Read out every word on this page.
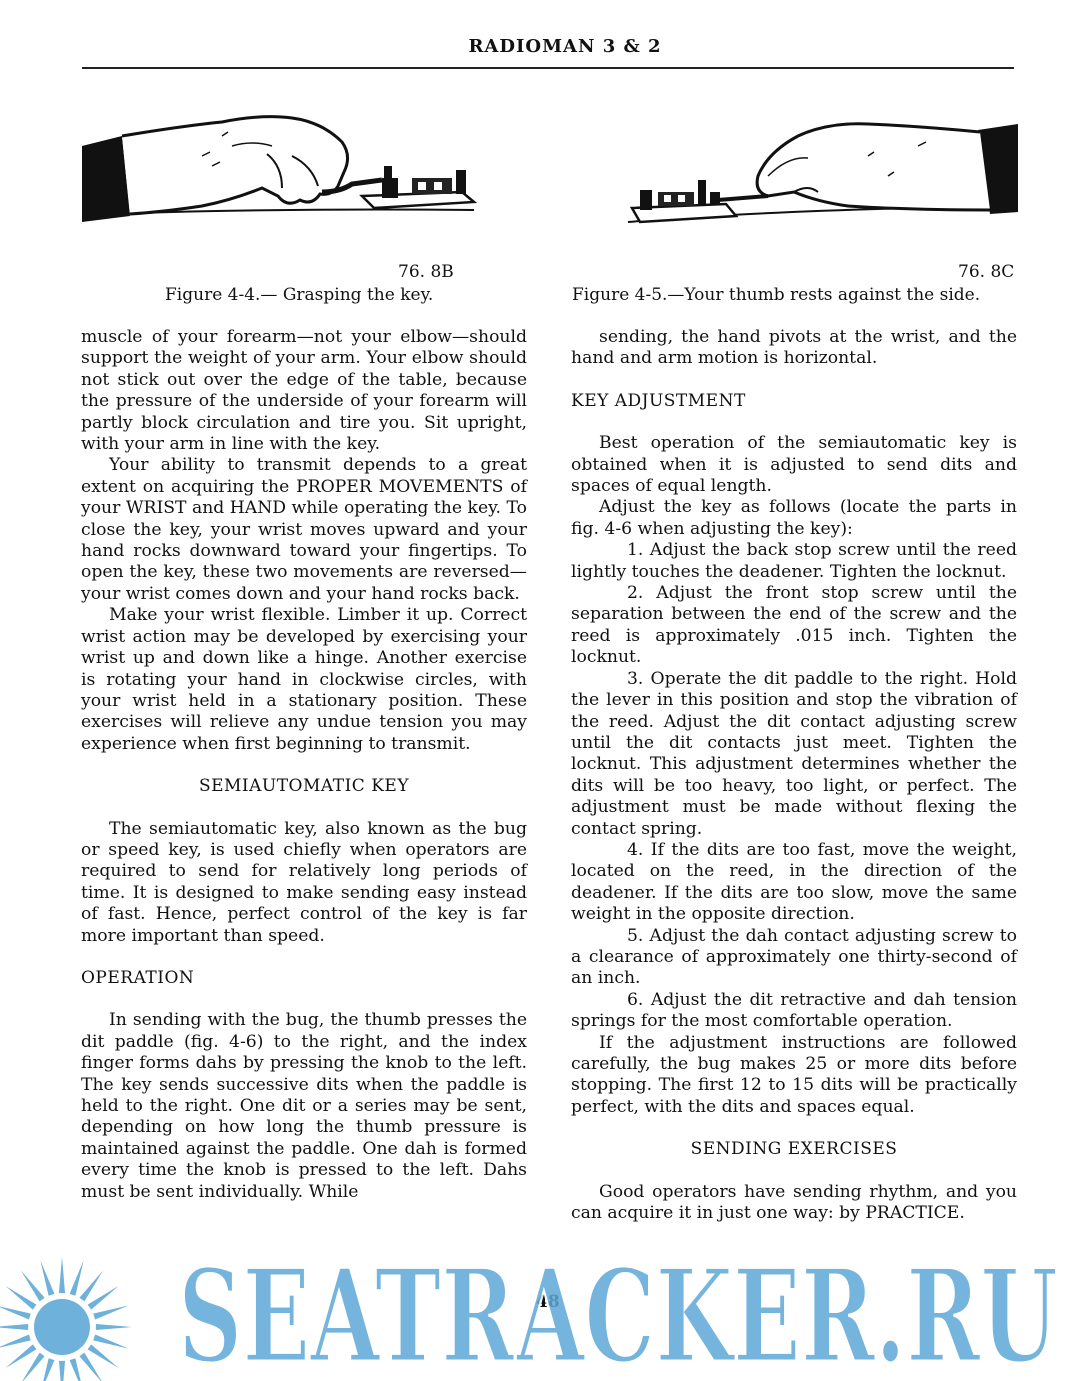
RADIOMAN 3 & 2
76. 8B
Figure 4-4.— Grasping the key.
76. 8C
Figure 4-5.—Your thumb rests against the side.

muscle of your forearm—not your elbow—should support the weight of your arm. Your elbow should not stick out over the edge of the table, because the pressure of the underside of your forearm will partly block circulation and tire you. Sit upright, with your arm in line with the key.

Your ability to transmit depends to a great extent on acquiring the PROPER MOVEMENTS of your WRIST and HAND while operating the key. To close the key, your wrist moves upward and your hand rocks downward toward your fingertips. To open the key, these two movements are reversed—your wrist comes down and your hand rocks back.

Make your wrist flexible. Limber it up. Correct wrist action may be developed by exercising your wrist up and down like a hinge. Another exercise is rotating your hand in clockwise circles, with your wrist held in a stationary position. These exercises will relieve any undue tension you may experience when first beginning to transmit.

SEMIAUTOMATIC KEY

The semiautomatic key, also known as the bug or speed key, is used chiefly when operators are required to send for relatively long periods of time. It is designed to make sending easy instead of fast. Hence, perfect control of the key is far more important than speed.

OPERATION

In sending with the bug, the thumb presses the dit paddle (fig. 4-6) to the right, and the index finger forms dahs by pressing the knob to the left. The key sends successive dits when the paddle is held to the right. One dit or a series may be sent, depending on how long the thumb pressure is maintained against the paddle. One dah is formed every time the knob is pressed to the left. Dahs must be sent individually. While

sending, the hand pivots at the wrist, and the hand and arm motion is horizontal.

KEY ADJUSTMENT

Best operation of the semiautomatic key is obtained when it is adjusted to send dits and spaces of equal length.

Adjust the key as follows (locate the parts in fig. 4-6 when adjusting the key):

1. Adjust the back stop screw until the reed lightly touches the deadener. Tighten the locknut.

2. Adjust the front stop screw until the separation between the end of the screw and the reed is approximately .015 inch. Tighten the locknut.

3. Operate the dit paddle to the right. Hold the lever in this position and stop the vibration of the reed. Adjust the dit contact adjusting screw until the dit contacts just meet. Tighten the locknut. This adjustment determines whether the dits will be too heavy, too light, or perfect. The adjustment must be made without flexing the contact spring.

4. If the dits are too fast, move the weight, located on the reed, in the direction of the deadener. If the dits are too slow, move the same weight in the opposite direction.

5. Adjust the dah contact adjusting screw to a clearance of approximately one thirty-second of an inch.

6. Adjust the dit retractive and dah tension springs for the most comfortable operation.

If the adjustment instructions are followed carefully, the bug makes 25 or more dits before stopping. The first 12 to 15 dits will be practically perfect, with the dits and spaces equal.

SENDING EXERCISES

Good operators have sending rhythm, and you can acquire it in just one way: by PRACTICE.

48
SEATRACKER.RU
